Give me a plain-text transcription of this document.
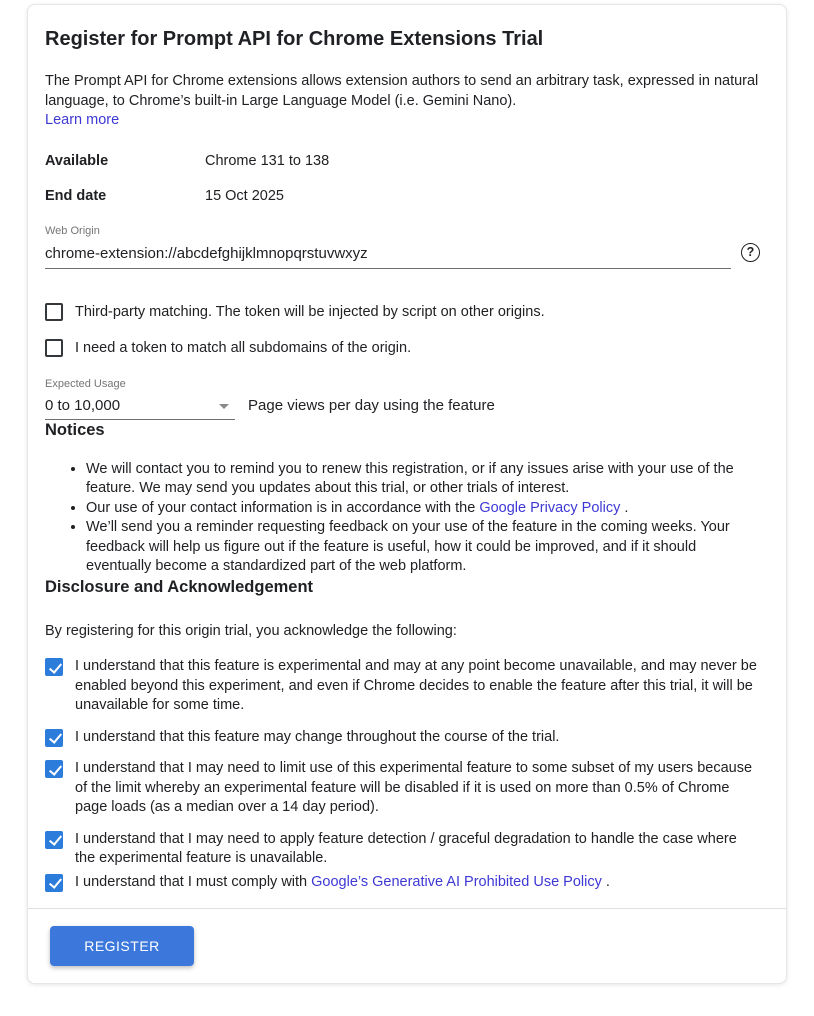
Register for Prompt API for Chrome Extensions Trial
The Prompt API for Chrome extensions allows extension authors to send an arbitrary task, expressed in natural language, to Chrome’s built-in Large Language Model (i.e. Gemini Nano).
Learn more
Available	Chrome 131 to 138
End date	15 Oct 2025
Web Origin
chrome-extension://abcdefghijklmnopqrstuvwxyz	?
Third-party matching. The token will be injected by script on other origins.
I need a token to match all subdomains of the origin.
Expected Usage
0 to 10,000	Page views per day using the feature
Notices
• We will contact you to remind you to renew this registration, or if any issues arise with your use of the feature. We may send you updates about this trial, or other trials of interest.
• Our use of your contact information is in accordance with the Google Privacy Policy .
• We’ll send you a reminder requesting feedback on your use of the feature in the coming weeks. Your feedback will help us figure out if the feature is useful, how it could be improved, and if it should eventually become a standardized part of the web platform.
Disclosure and Acknowledgement
By registering for this origin trial, you acknowledge the following:
I understand that this feature is experimental and may at any point become unavailable, and may never be enabled beyond this experiment, and even if Chrome decides to enable the feature after this trial, it will be unavailable for some time.
I understand that this feature may change throughout the course of the trial.
I understand that I may need to limit use of this experimental feature to some subset of my users because of the limit whereby an experimental feature will be disabled if it is used on more than 0.5% of Chrome page loads (as a median over a 14 day period).
I understand that I may need to apply feature detection / graceful degradation to handle the case where the experimental feature is unavailable.
I understand that I must comply with Google’s Generative AI Prohibited Use Policy .
REGISTER
